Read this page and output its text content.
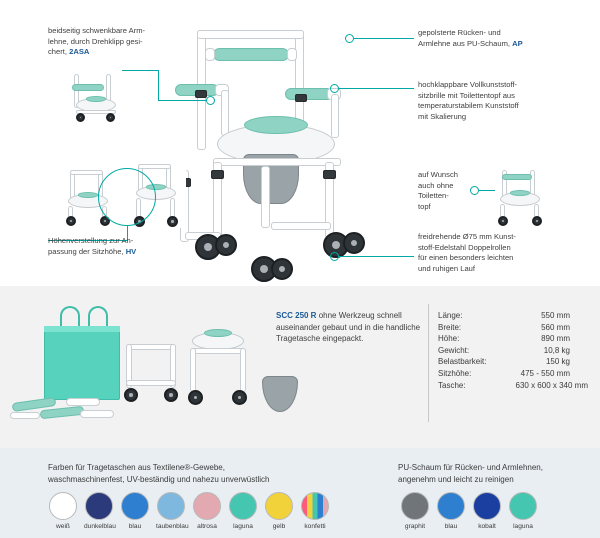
beidseitig schwenkbare Arm-
lehne, durch Drehklipp gesi-
chert, 2ASA
Höhenverstellung zur An-
passung der Sitzhöhe, HV
gepolsterte Rücken- und
Armlehne aus PU-Schaum, AP
hochklappbare Vollkunststoff-
sitzbrille mit Toilettentopf aus
temperaturstabilem Kunststoff
mit Skalierung
auf Wunsch
auch ohne
Toiletten-
topf
freidrehende Ø75 mm Kunst-
stoff-Edelstahl Doppelrollen
für einen besonders leichten
und ruhigen Lauf
SCC 250 R ohne Werkzeug schnell auseinander gebaut und in die handliche Tragetasche eingepackt.
Länge:	550 mm
Breite:	560 mm
Höhe:	890 mm
Gewicht:	10,8 kg
Belastbarkeit:	150 kg
Sitzhöhe:	475 - 550 mm
Tasche:	630 x 600 x 340 mm
Farben für Tragetaschen aus Textilene®-Gewebe,
waschmaschinenfest, UV-beständig und nahezu unverwüstlich
PU-Schaum für Rücken- und Armlehnen,
angenehm und leicht zu reinigen
weiß	dunkelblau	blau	taubenblau	altrosa	laguna	gelb	konfetti	graphit	blau	kobalt	laguna
